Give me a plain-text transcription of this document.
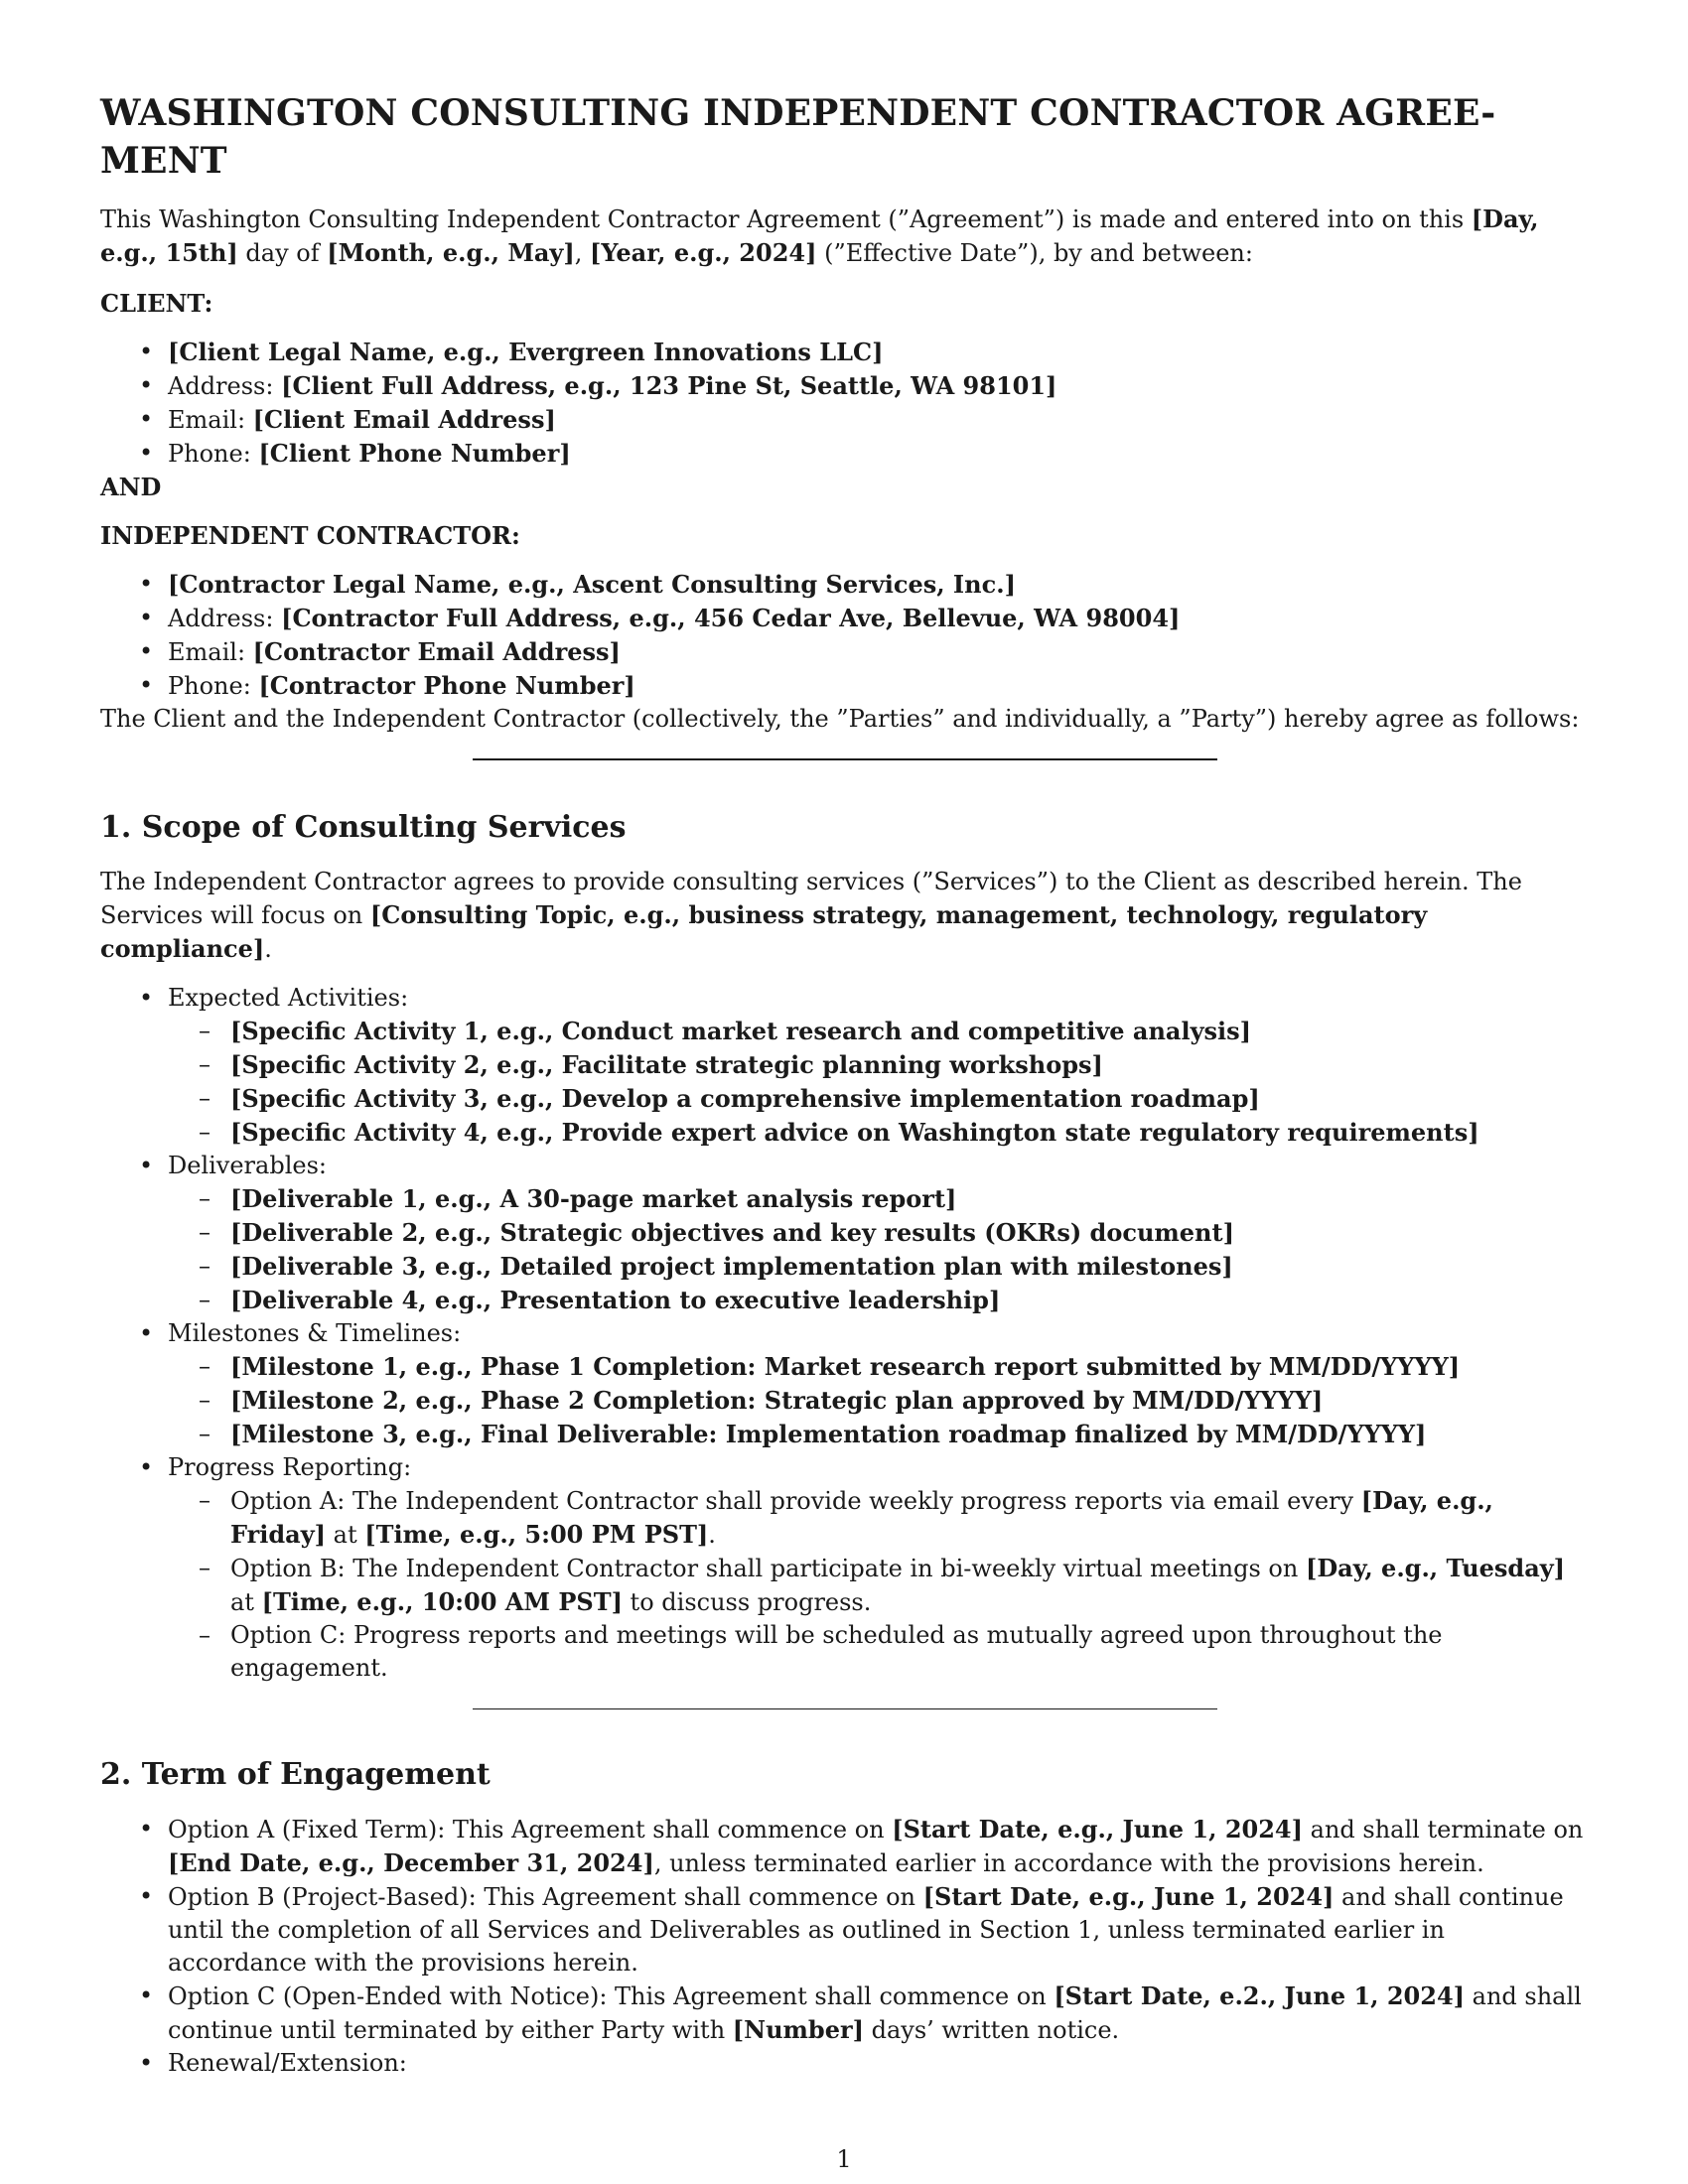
WASHINGTON CONSULTING INDEPENDENT CONTRACTOR AGREE-
MENT

This Washington Consulting Independent Contractor Agreement (”Agreement”) is made and entered into on this [Day, e.g., 15th] day of [Month, e.g., May], [Year, e.g., 2024] (”Effective Date”), by and between:

CLIENT:
• [Client Legal Name, e.g., Evergreen Innovations LLC]
• Address: [Client Full Address, e.g., 123 Pine St, Seattle, WA 98101]
• Email: [Client Email Address]
• Phone: [Client Phone Number]
AND
INDEPENDENT CONTRACTOR:
• [Contractor Legal Name, e.g., Ascent Consulting Services, Inc.]
• Address: [Contractor Full Address, e.g., 456 Cedar Ave, Bellevue, WA 98004]
• Email: [Contractor Email Address]
• Phone: [Contractor Phone Number]

The Client and the Independent Contractor (collectively, the ”Parties” and individually, a ”Party”) hereby agree as follows:

1. Scope of Consulting Services

The Independent Contractor agrees to provide consulting services (”Services”) to the Client as described herein. The Services will focus on [Consulting Topic, e.g., business strategy, management, technology, regulatory compliance].

• Expected Activities:
– [Specific Activity 1, e.g., Conduct market research and competitive analysis]
– [Specific Activity 2, e.g., Facilitate strategic planning workshops]
– [Specific Activity 3, e.g., Develop a comprehensive implementation roadmap]
– [Specific Activity 4, e.g., Provide expert advice on Washington state regulatory requirements]
• Deliverables:
– [Deliverable 1, e.g., A 30-page market analysis report]
– [Deliverable 2, e.g., Strategic objectives and key results (OKRs) document]
– [Deliverable 3, e.g., Detailed project implementation plan with milestones]
– [Deliverable 4, e.g., Presentation to executive leadership]
• Milestones & Timelines:
– [Milestone 1, e.g., Phase 1 Completion: Market research report submitted by MM/DD/YYYY]
– [Milestone 2, e.g., Phase 2 Completion: Strategic plan approved by MM/DD/YYYY]
– [Milestone 3, e.g., Final Deliverable: Implementation roadmap finalized by MM/DD/YYYY]
• Progress Reporting:
– Option A: The Independent Contractor shall provide weekly progress reports via email every [Day, e.g., Friday] at [Time, e.g., 5:00 PM PST].
– Option B: The Independent Contractor shall participate in bi-weekly virtual meetings on [Day, e.g., Tuesday] at [Time, e.g., 10:00 AM PST] to discuss progress.
– Option C: Progress reports and meetings will be scheduled as mutually agreed upon throughout the engagement.
2. Term of Engagement
• Option A (Fixed Term): This Agreement shall commence on [Start Date, e.g., June 1, 2024] and shall terminate on [End Date, e.g., December 31, 2024], unless terminated earlier in accordance with the provisions herein.
• Option B (Project-Based): This Agreement shall commence on [Start Date, e.g., June 1, 2024] and shall continue until the completion of all Services and Deliverables as outlined in Section 1, unless terminated earlier in accordance with the provisions herein.
• Option C (Open-Ended with Notice): This Agreement shall commence on [Start Date, e.2., June 1, 2024] and shall continue until terminated by either Party with [Number] days’ written notice.
• Renewal/Extension:
1
